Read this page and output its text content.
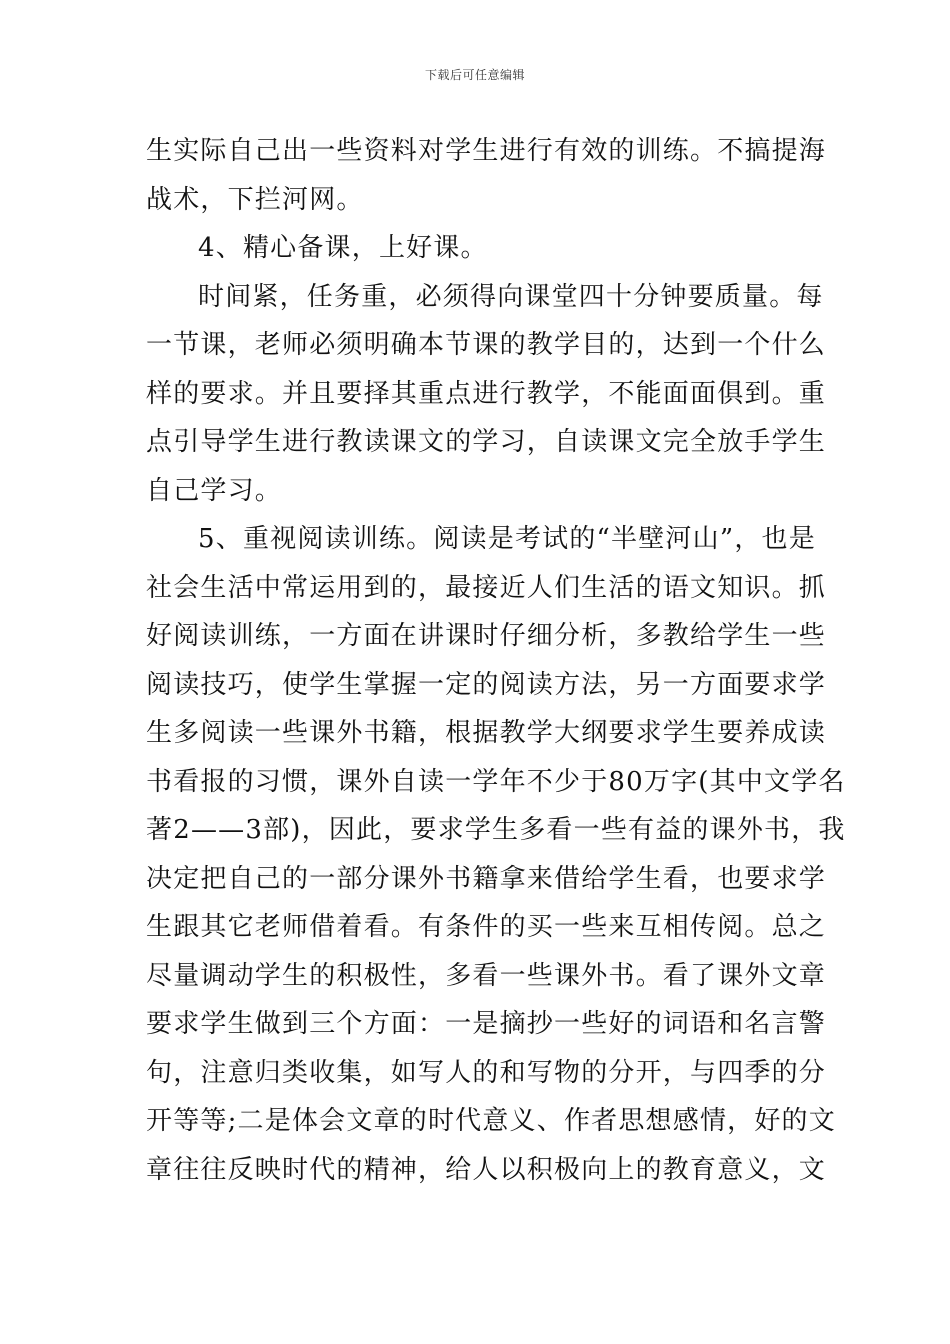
下载后可任意编辑
生实际自己出一些资料对学生进行有效的训练。不搞提海
战术，下拦河网。
4、精心备课，上好课。
时间紧，任务重，必须得向课堂四十分钟要质量。每
一节课，老师必须明确本节课的教学目的，达到一个什么
样的要求。并且要择其重点进行教学，不能面面俱到。重
点引导学生进行教读课文的学习，自读课文完全放手学生
自己学习。
5、重视阅读训练。阅读是考试的“半壁河山”，也是
社会生活中常运用到的，最接近人们生活的语文知识。抓
好阅读训练，一方面在讲课时仔细分析，多教给学生一些
阅读技巧，使学生掌握一定的阅读方法，另一方面要求学
生多阅读一些课外书籍，根据教学大纲要求学生要养成读
书看报的习惯，课外自读一学年不少于80万字(其中文学名
著2——3部)，因此，要求学生多看一些有益的课外书，我
决定把自己的一部分课外书籍拿来借给学生看，也要求学
生跟其它老师借着看。有条件的买一些来互相传阅。总之
尽量调动学生的积极性，多看一些课外书。看了课外文章
要求学生做到三个方面：一是摘抄一些好的词语和名言警
句，注意归类收集，如写人的和写物的分开，与四季的分
开等等;二是体会文章的时代意义、作者思想感情，好的文
章往往反映时代的精神，给人以积极向上的教育意义，文
